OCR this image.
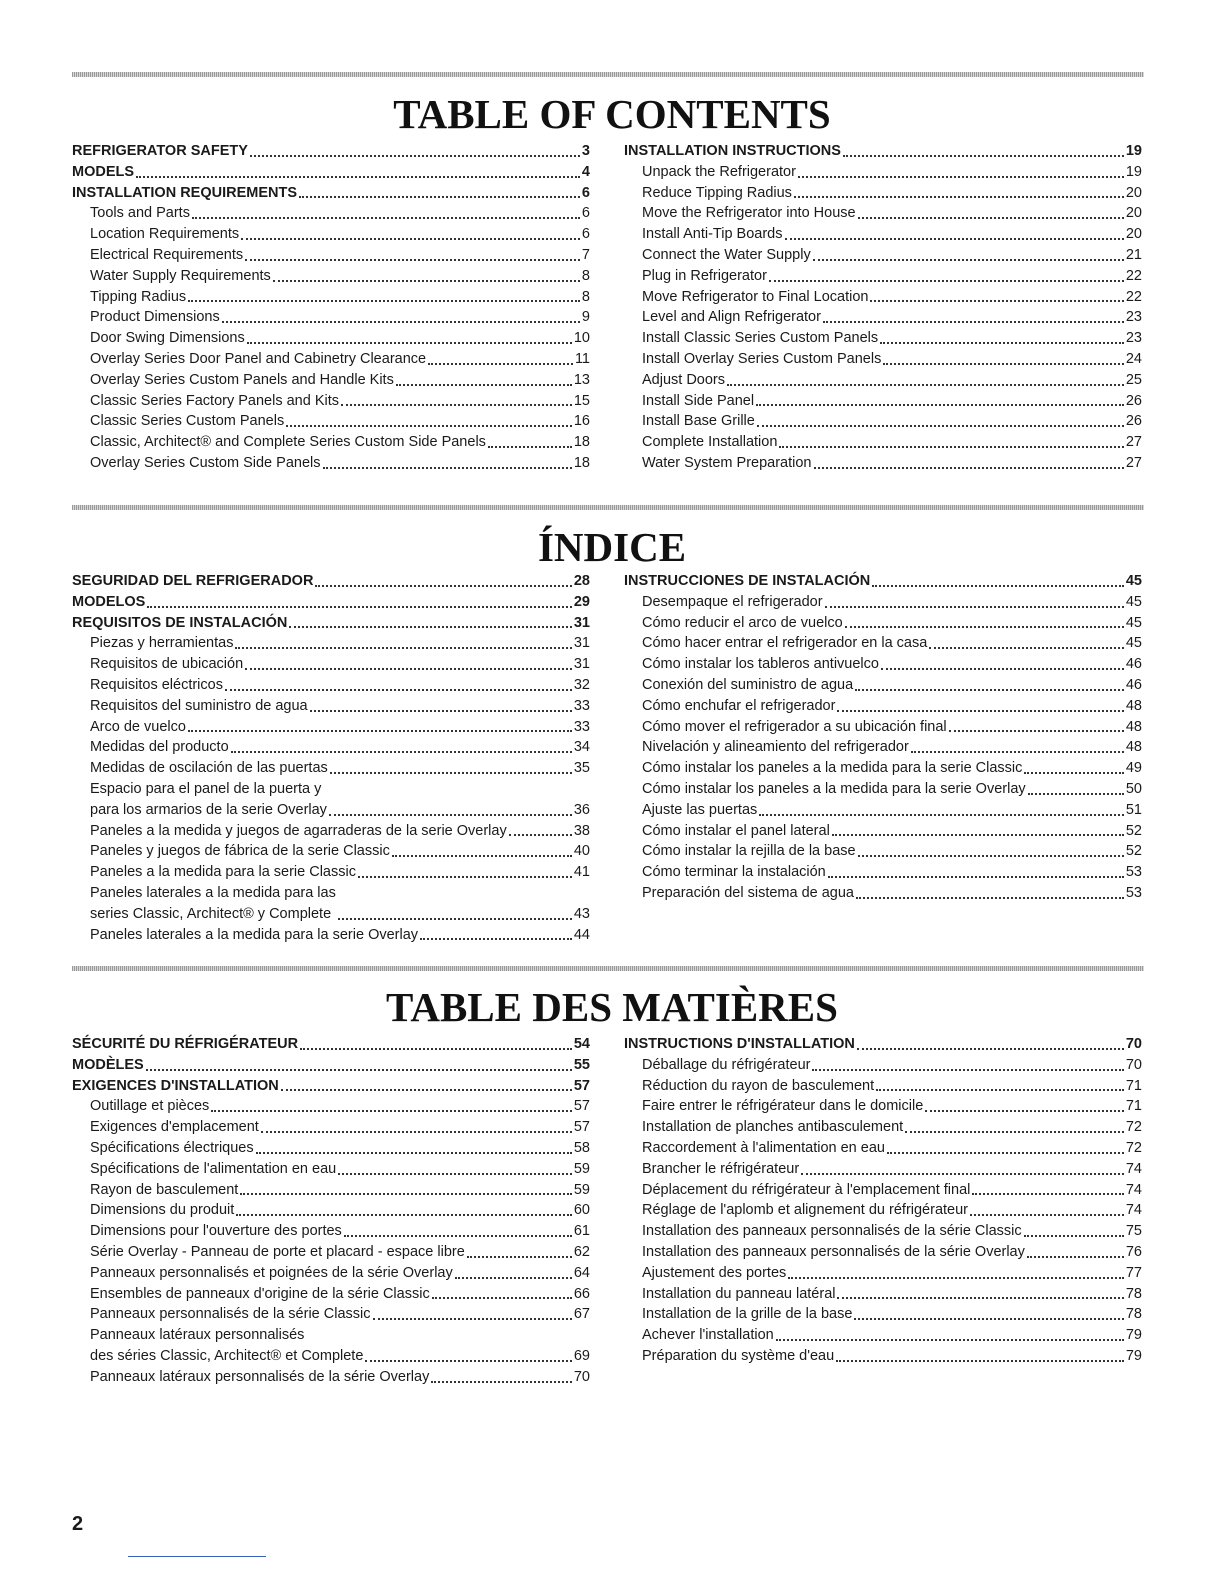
TABLE OF CONTENTS
REFRIGERATOR SAFETY	3
MODELS	4
INSTALLATION REQUIREMENTS	6
Tools and Parts	6
Location Requirements	6
Electrical Requirements	7
Water Supply Requirements	8
Tipping Radius	8
Product Dimensions	9
Door Swing Dimensions	10
Overlay Series Door Panel and Cabinetry Clearance	11
Overlay Series Custom Panels and Handle Kits	13
Classic Series Factory Panels and Kits	15
Classic Series Custom Panels	16
Classic, Architect® and Complete Series Custom Side Panels	18
Overlay Series Custom Side Panels	18
INSTALLATION INSTRUCTIONS	19
Unpack the Refrigerator	19
Reduce Tipping Radius	20
Move the Refrigerator into House	20
Install Anti-Tip Boards	20
Connect the Water Supply	21
Plug in Refrigerator	22
Move Refrigerator to Final Location	22
Level and Align Refrigerator	23
Install Classic Series Custom Panels	23
Install Overlay Series Custom Panels	24
Adjust Doors	25
Install Side Panel	26
Install Base Grille	26
Complete Installation	27
Water System Preparation	27
ÍNDICE
SEGURIDAD DEL REFRIGERADOR	28
MODELOS	29
REQUISITOS DE INSTALACIÓN	31
Piezas y herramientas	31
Requisitos de ubicación	31
Requisitos eléctricos	32
Requisitos del suministro de agua	33
Arco de vuelco	33
Medidas del producto	34
Medidas de oscilación de las puertas	35
Espacio para el panel de la puerta y
para los armarios de la serie Overlay	36
Paneles a la medida y juegos de agarraderas de la serie Overlay	38
Paneles y juegos de fábrica de la serie Classic	40
Paneles a la medida para la serie Classic	41
Paneles laterales a la medida para las
series Classic, Architect® y Complete	43
Paneles laterales a la medida para la serie Overlay	44
INSTRUCCIONES DE INSTALACIÓN	45
Desempaque el refrigerador	45
Cómo reducir el arco de vuelco	45
Cómo hacer entrar el refrigerador en la casa	45
Cómo instalar los tableros antivuelco	46
Conexión del suministro de agua	46
Cómo enchufar el refrigerador	48
Cómo mover el refrigerador a su ubicación final	48
Nivelación y alineamiento del refrigerador	48
Cómo instalar los paneles a la medida para la serie Classic	49
Cómo instalar los paneles a la medida para la serie Overlay	50
Ajuste las puertas	51
Cómo instalar el panel lateral	52
Cómo instalar la rejilla de la base	52
Cómo terminar la instalación	53
Preparación del sistema de agua	53
TABLE DES MATIÈRES
SÉCURITÉ DU RÉFRIGÉRATEUR	54
MODÈLES	55
EXIGENCES D'INSTALLATION	57
Outillage et pièces	57
Exigences d'emplacement	57
Spécifications électriques	58
Spécifications de l'alimentation en eau	59
Rayon de basculement	59
Dimensions du produit	60
Dimensions pour l'ouverture des portes	61
Série Overlay - Panneau de porte et placard - espace libre	62
Panneaux personnalisés et poignées de la série Overlay	64
Ensembles de panneaux d'origine de la série Classic	66
Panneaux personnalisés de la série Classic	67
Panneaux latéraux personnalisés
des séries Classic, Architect® et Complete	69
Panneaux latéraux personnalisés de la série Overlay	70
INSTRUCTIONS D'INSTALLATION	70
Déballage du réfrigérateur	70
Réduction du rayon de basculement	71
Faire entrer le réfrigérateur dans le domicile	71
Installation de planches antibasculement	72
Raccordement à l'alimentation en eau	72
Brancher le réfrigérateur	74
Déplacement du réfrigérateur à l'emplacement final	74
Réglage de l'aplomb et alignement du réfrigérateur	74
Installation des panneaux personnalisés de la série Classic	75
Installation des panneaux personnalisés de la série Overlay	76
Ajustement des portes	77
Installation du panneau latéral	78
Installation de la grille de la base	78
Achever l'installation	79
Préparation du système d'eau	79
2
